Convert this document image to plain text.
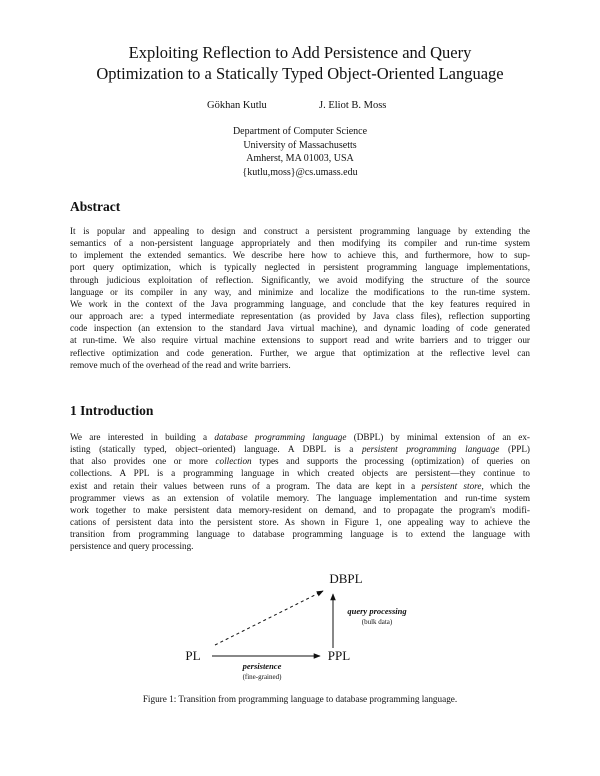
Exploiting Reflection to Add Persistence and Query
Optimization to a Statically Typed Object-Oriented Language
Gökhan Kutlu	J. Eliot B. Moss
Department of Computer Science
University of Massachusetts
Amherst, MA 01003, USA
{kutlu,moss}@cs.umass.edu
Abstract
It is popular and appealing to design and construct a persistent programming language by extending the
semantics of a non-persistent language appropriately and then modifying its compiler and run-time system
to implement the extended semantics. We describe here how to achieve this, and furthermore, how to sup-
port query optimization, which is typically neglected in persistent programming language implementations,
through judicious exploitation of reflection. Significantly, we avoid modifying the structure of the source
language or its compiler in any way, and minimize and localize the modifications to the run-time system.
We work in the context of the Java programming language, and conclude that the key features required in
our approach are: a typed intermediate representation (as provided by Java class files), reflection supporting
code inspection (an extension to the standard Java virtual machine), and dynamic loading of code generated
at run-time. We also require virtual machine extensions to support read and write barriers and to trigger our
reflective optimization and code generation. Further, we argue that optimization at the reflective level can
remove much of the overhead of the read and write barriers.
1 Introduction
We are interested in building a database programming language (DBPL) by minimal extension of an ex-
isting (statically typed, object–oriented) language. A DBPL is a persistent programming language (PPL)
that also provides one or more collection types and supports the processing (optimization) of queries on
collections. A PPL is a programming language in which created objects are persistent—they continue to
exist and retain their values between runs of a program. The data are kept in a persistent store, which the
programmer views as an extension of volatile memory. The language implementation and run-time system
work together to make persistent data memory-resident on demand, and to propagate the program's modifi-
cations of persistent data into the persistent store. As shown in Figure 1, one appealing way to achieve the
transition from programming language to database programming language is to extend the language with
persistence and query processing.
DBPL
PL	PPL
query processing
(bulk data)
persistence
(fine-grained)
Figure 1: Transition from programming language to database programming language.
